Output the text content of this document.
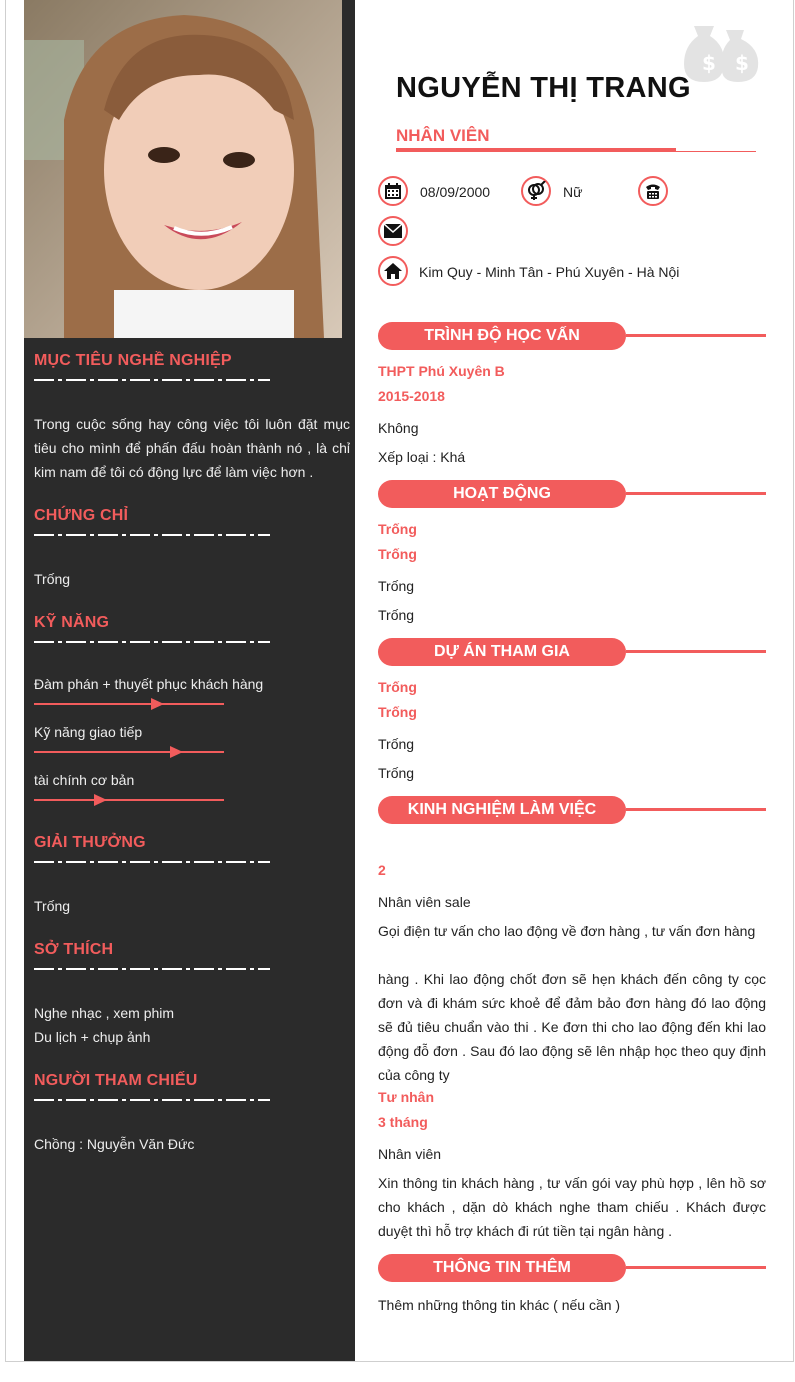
MỤC TIÊU NGHỀ NGHIỆP
Trong cuộc sống hay công việc tôi luôn đặt mục tiêu cho mình để phấn đấu hoàn thành nó , là chỉ kim nam để tôi có động lực để làm việc hơn .
CHỨNG CHỈ
Trống
KỸ NĂNG
Đàm phán + thuyết phục khách hàng
Kỹ năng giao tiếp
tài chính cơ bản
GIẢI THƯỞNG
Trống
SỞ THÍCH
Nghe nhạc , xem phim
Du lịch + chụp ảnh
NGƯỜI THAM CHIẾU
Chồng : Nguyễn Văn Đức
$ $
NGUYỄN THỊ TRANG
NHÂN VIÊN
08/09/2000	Nữ
Kim Quy - Minh Tân - Phú Xuyên - Hà Nội
TRÌNH ĐỘ HỌC VẤN
THPT Phú Xuyên B
2015-2018
Không
Xếp loại : Khá
HOẠT ĐỘNG
Trống
Trống
Trống
Trống
DỰ ÁN THAM GIA
Trống
Trống
Trống
Trống
KINH NGHIỆM LÀM VIỆC
2
Nhân viên sale
Gọi điện tư vấn cho lao động về đơn hàng , tư vấn đơn hàng
hàng . Khi lao động chốt đơn sẽ hẹn khách đến công ty cọc đơn và đi khám sức khoẻ để đảm bảo đơn hàng đó lao động sẽ đủ tiêu chuẩn vào thi . Ke đơn thi cho lao động đến khi lao động đỗ đơn . Sau đó lao động sẽ lên nhập học theo quy định của công ty
Tư nhân
3 tháng
Nhân viên
Xin thông tin khách hàng , tư vấn gói vay phù hợp , lên hồ sơ cho khách , dặn dò khách nghe tham chiếu . Khách được duyệt thì hỗ trợ khách đi rút tiền tại ngân hàng .
THÔNG TIN THÊM
Thêm những thông tin khác ( nếu cần )
